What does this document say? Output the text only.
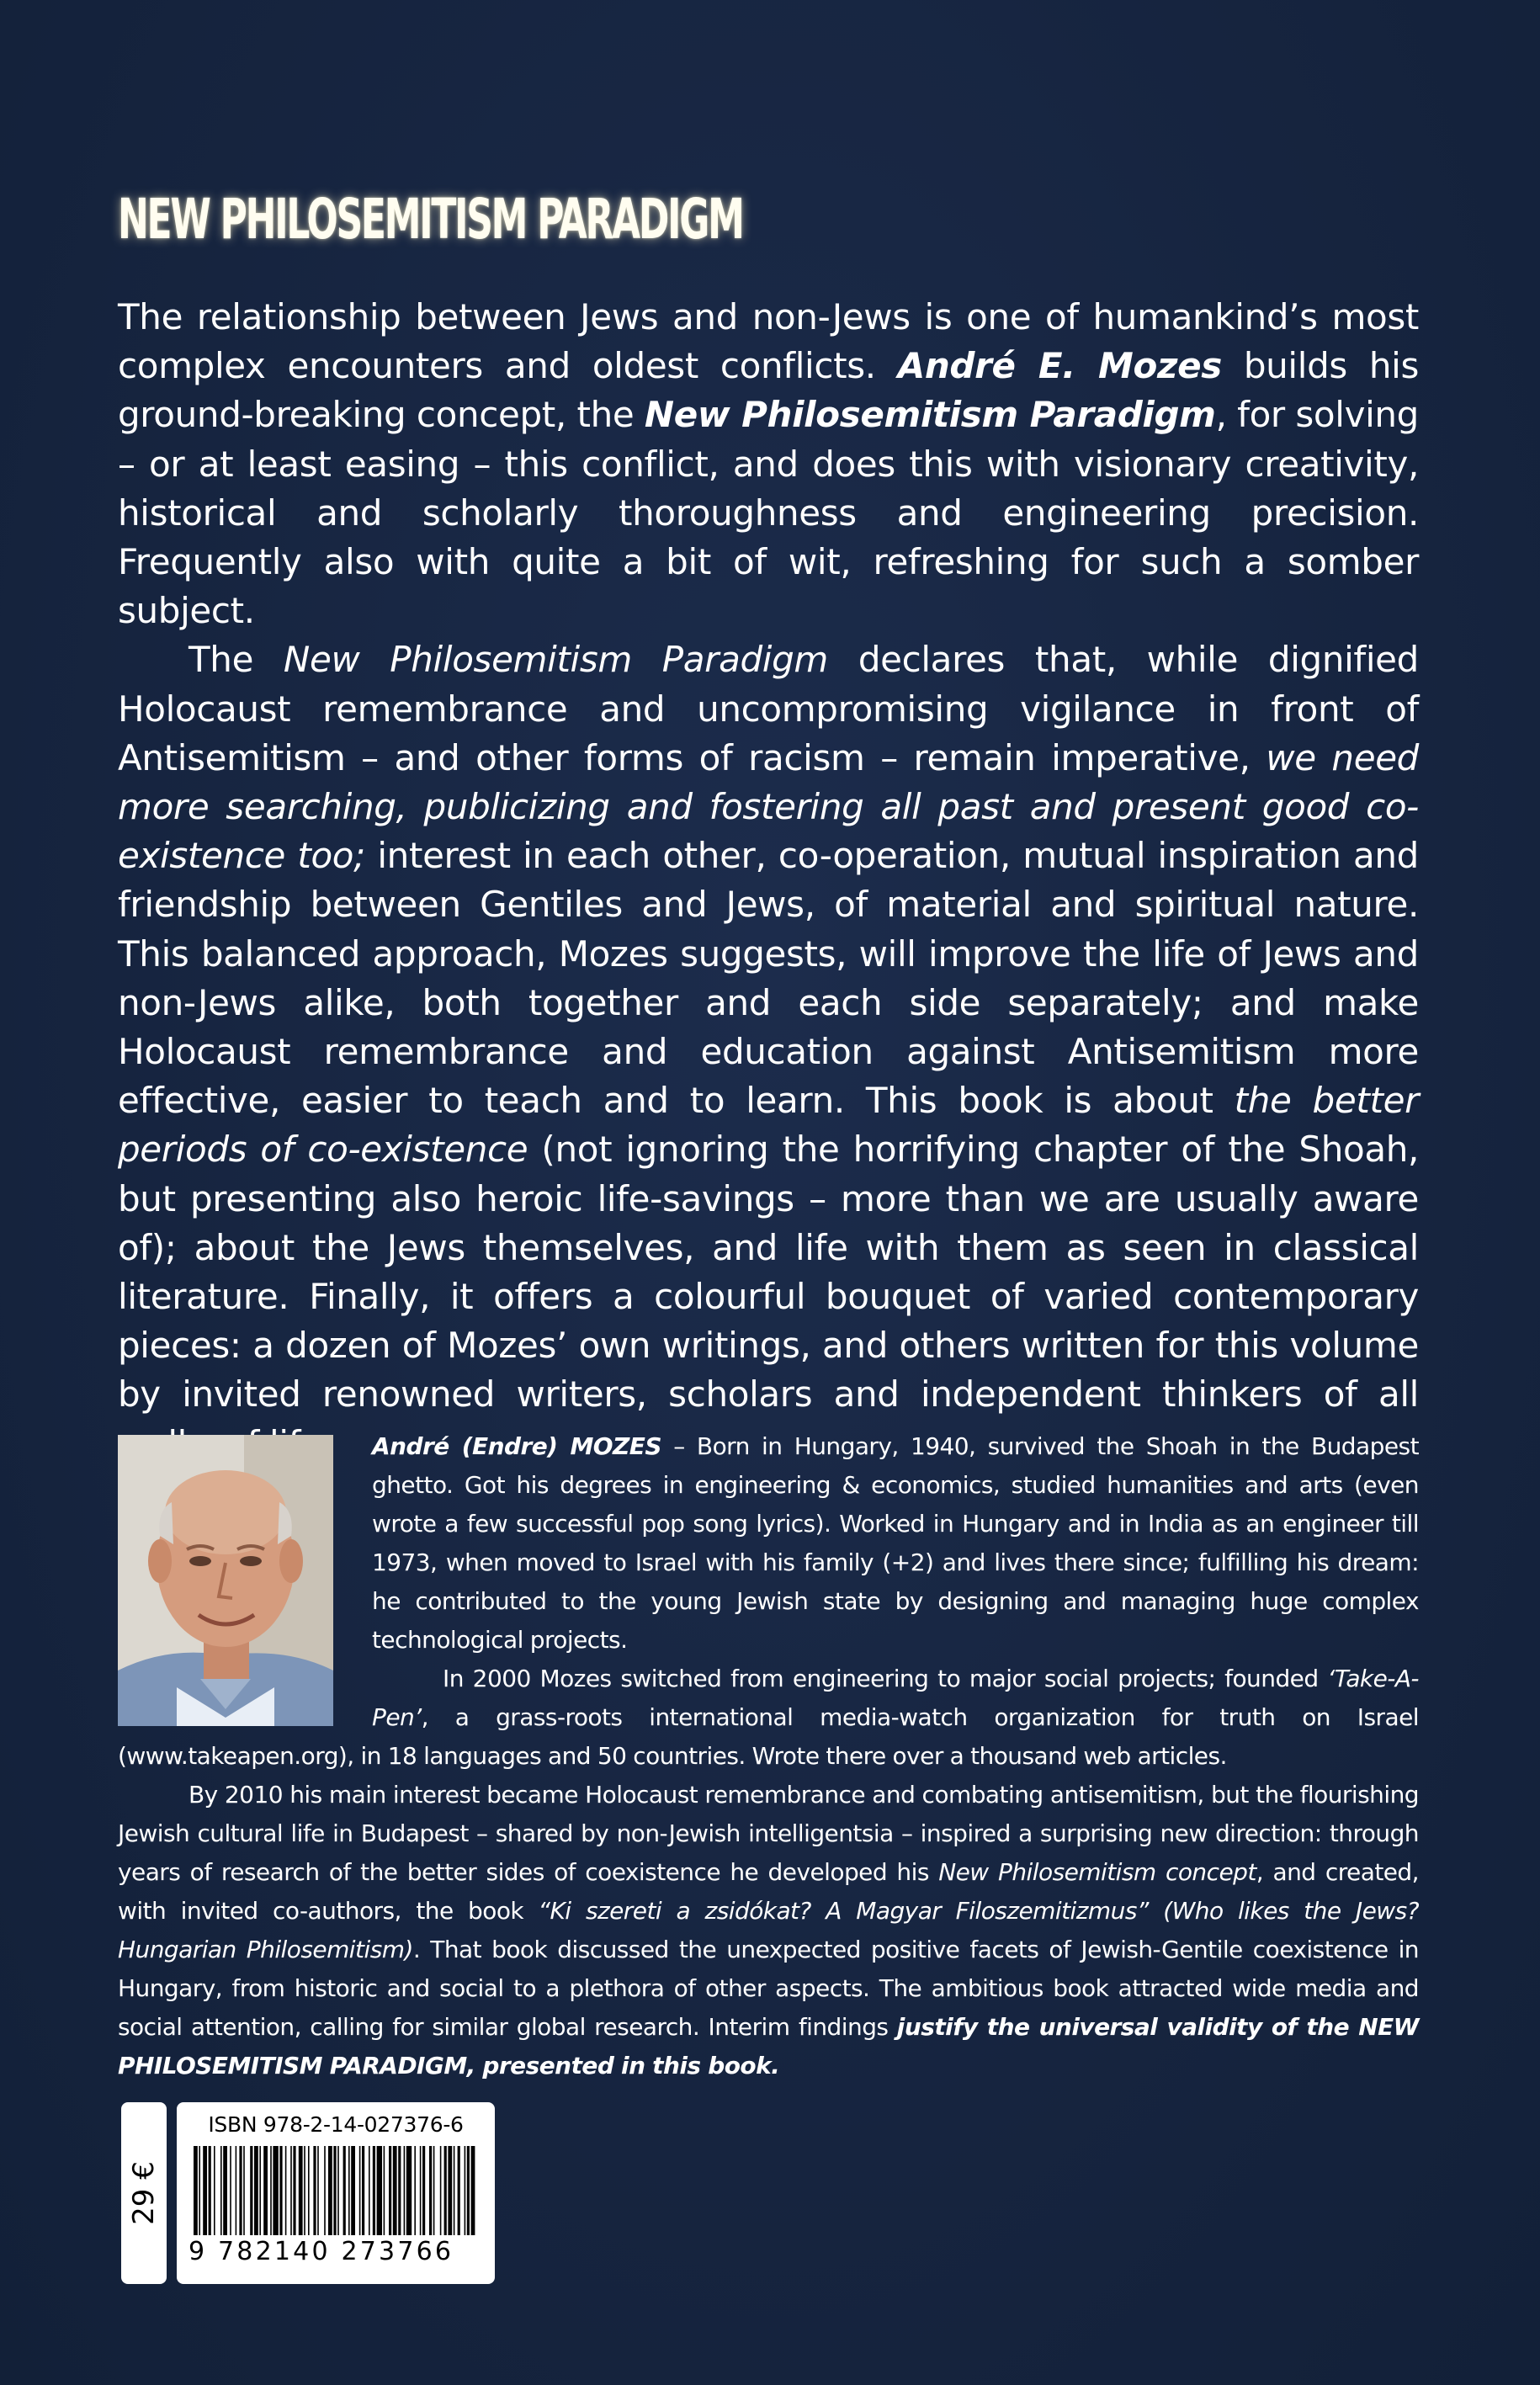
NEW PHILOSEMITISM PARADIGM

The relationship between Jews and non-Jews is one of humankind’s most complex encounters and oldest conflicts. André E. Mozes builds his ground-breaking concept, the New Philosemitism Paradigm, for solving – or at least easing – this conflict, and does this with visionary creativity, historical and scholarly thoroughness and engineering precision. Frequently also with quite a bit of wit, refreshing for such a somber subject.

The New Philosemitism Paradigm declares that, while dignified Holocaust remembrance and uncompromising vigilance in front of Antisemitism – and other forms of racism – remain imperative, we need more searching, publicizing and fostering all past and present good co-existence too; interest in each other, co-operation, mutual inspiration and friendship between Gentiles and Jews, of material and spiritual nature. This balanced approach, Mozes suggests, will improve the life of Jews and non-Jews alike, both together and each side separately; and make Holocaust remembrance and education against Antisemitism more effective, easier to teach and to learn. This book is about the better periods of co-existence (not ignoring the horrifying chapter of the Shoah, but presenting also heroic life-savings – more than we are usually aware of); about the Jews themselves, and life with them as seen in classical literature. Finally, it offers a colourful bouquet of varied contemporary pieces: a dozen of Mozes’ own writings, and others written for this volume by invited renowned writers, scholars and independent thinkers of all

André (Endre) MOZES – Born in Hungary, 1940, survived the Shoah in the Budapest ghetto. Got his degrees in engineering & economics, studied humanities and arts (even wrote a few successful pop song lyrics). Worked in Hungary and in India as an engineer till 1973, when moved to Israel with his family (+2) and lives there since; fulfilling his dream: he contributed to the young Jewish state by designing and managing huge complex technological projects.

In 2000 Mozes switched from engineering to major social projects; founded ‘Take-A-Pen’, a grass-roots international media-watch organization for truth on Israel (www.takeapen.org), in 18 languages and 50 countries. Wrote there over a thousand web articles.

By 2010 his main interest became Holocaust remembrance and combating antisemitism, but the flourishing Jewish cultural life in Budapest – shared by non-Jewish intelligentsia – inspired a surprising new direction: through years of research of the better sides of coexistence he developed his New Philosemitism concept, and created, with invited co-authors, the book “Ki szereti a zsidókat? A Magyar Filoszemitizmus” (Who likes the Jews? Hungarian Philosemitism). That book discussed the unexpected positive facets of Jewish-Gentile coexistence in Hungary, from historic and social to a plethora of other aspects. The ambitious book attracted wide media and social attention, calling for similar global research. Interim findings justify the universal validity of the NEW PHILOSEMITISM PARADIGM, presented in this book.

29 €
ISBN 978-2-14-027376-6
9 782140 273766
